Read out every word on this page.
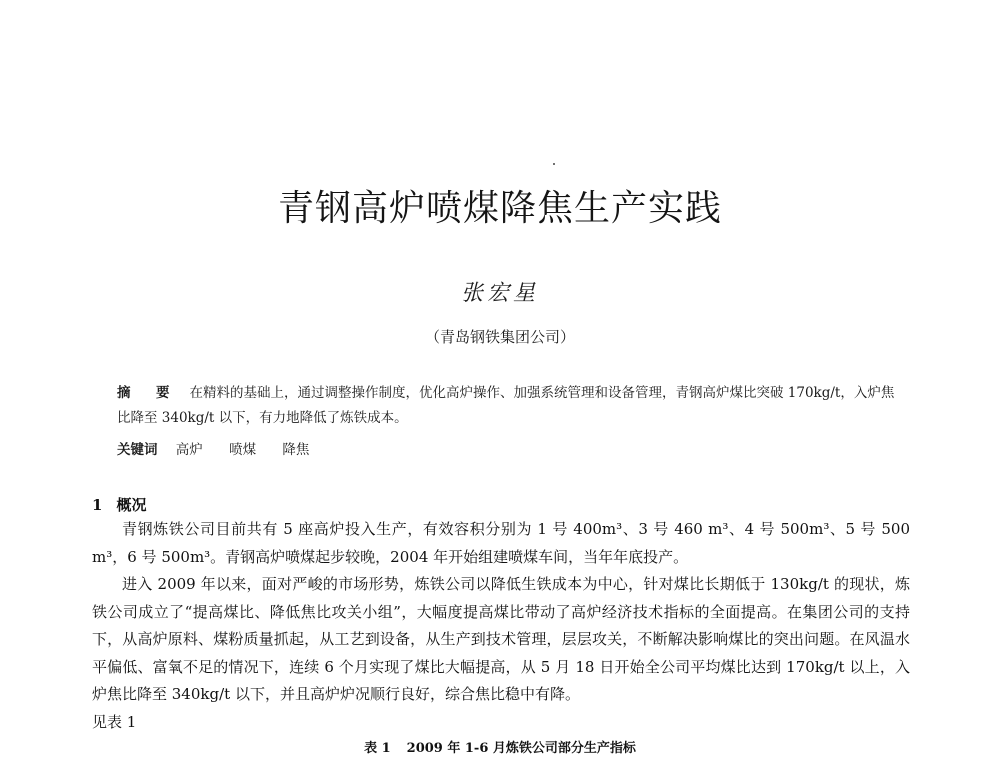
青钢高炉喷煤降焦生产实践
张宏星
（青岛钢铁集团公司）
摘　要 在精料的基础上，通过调整操作制度，优化高炉操作、加强系统管理和设备管理，青钢高炉煤比突破 170kg/t，入炉焦比降至 340kg/t 以下，有力地降低了炼铁成本。
关键词 高炉 喷煤 降焦
1 概况

青钢炼铁公司目前共有 5 座高炉投入生产，有效容积分别为 1 号 400m³、3 号 460 m³、4 号 500m³、5 号 500 m³，6 号 500m³。青钢高炉喷煤起步较晚，2004 年开始组建喷煤车间，当年年底投产。

进入 2009 年以来，面对严峻的市场形势，炼铁公司以降低生铁成本为中心，针对煤比长期低于 130kg/t 的现状，炼铁公司成立了“提高煤比、降低焦比攻关小组”，大幅度提高煤比带动了高炉经济技术指标的全面提高。在集团公司的支持下，从高炉原料、煤粉质量抓起，从工艺到设备，从生产到技术管理，层层攻关，不断解决影响煤比的突出问题。在风温水平偏低、富氧不足的情况下，连续 6 个月实现了煤比大幅提高，从 5 月 18 日开始全公司平均煤比达到 170kg/t 以上，入炉焦比降至 340kg/t 以下，并且高炉炉况顺行良好，综合焦比稳中有降。

见表 1

表 1 2009 年 1-6 月炼铁公司部分生产指标
